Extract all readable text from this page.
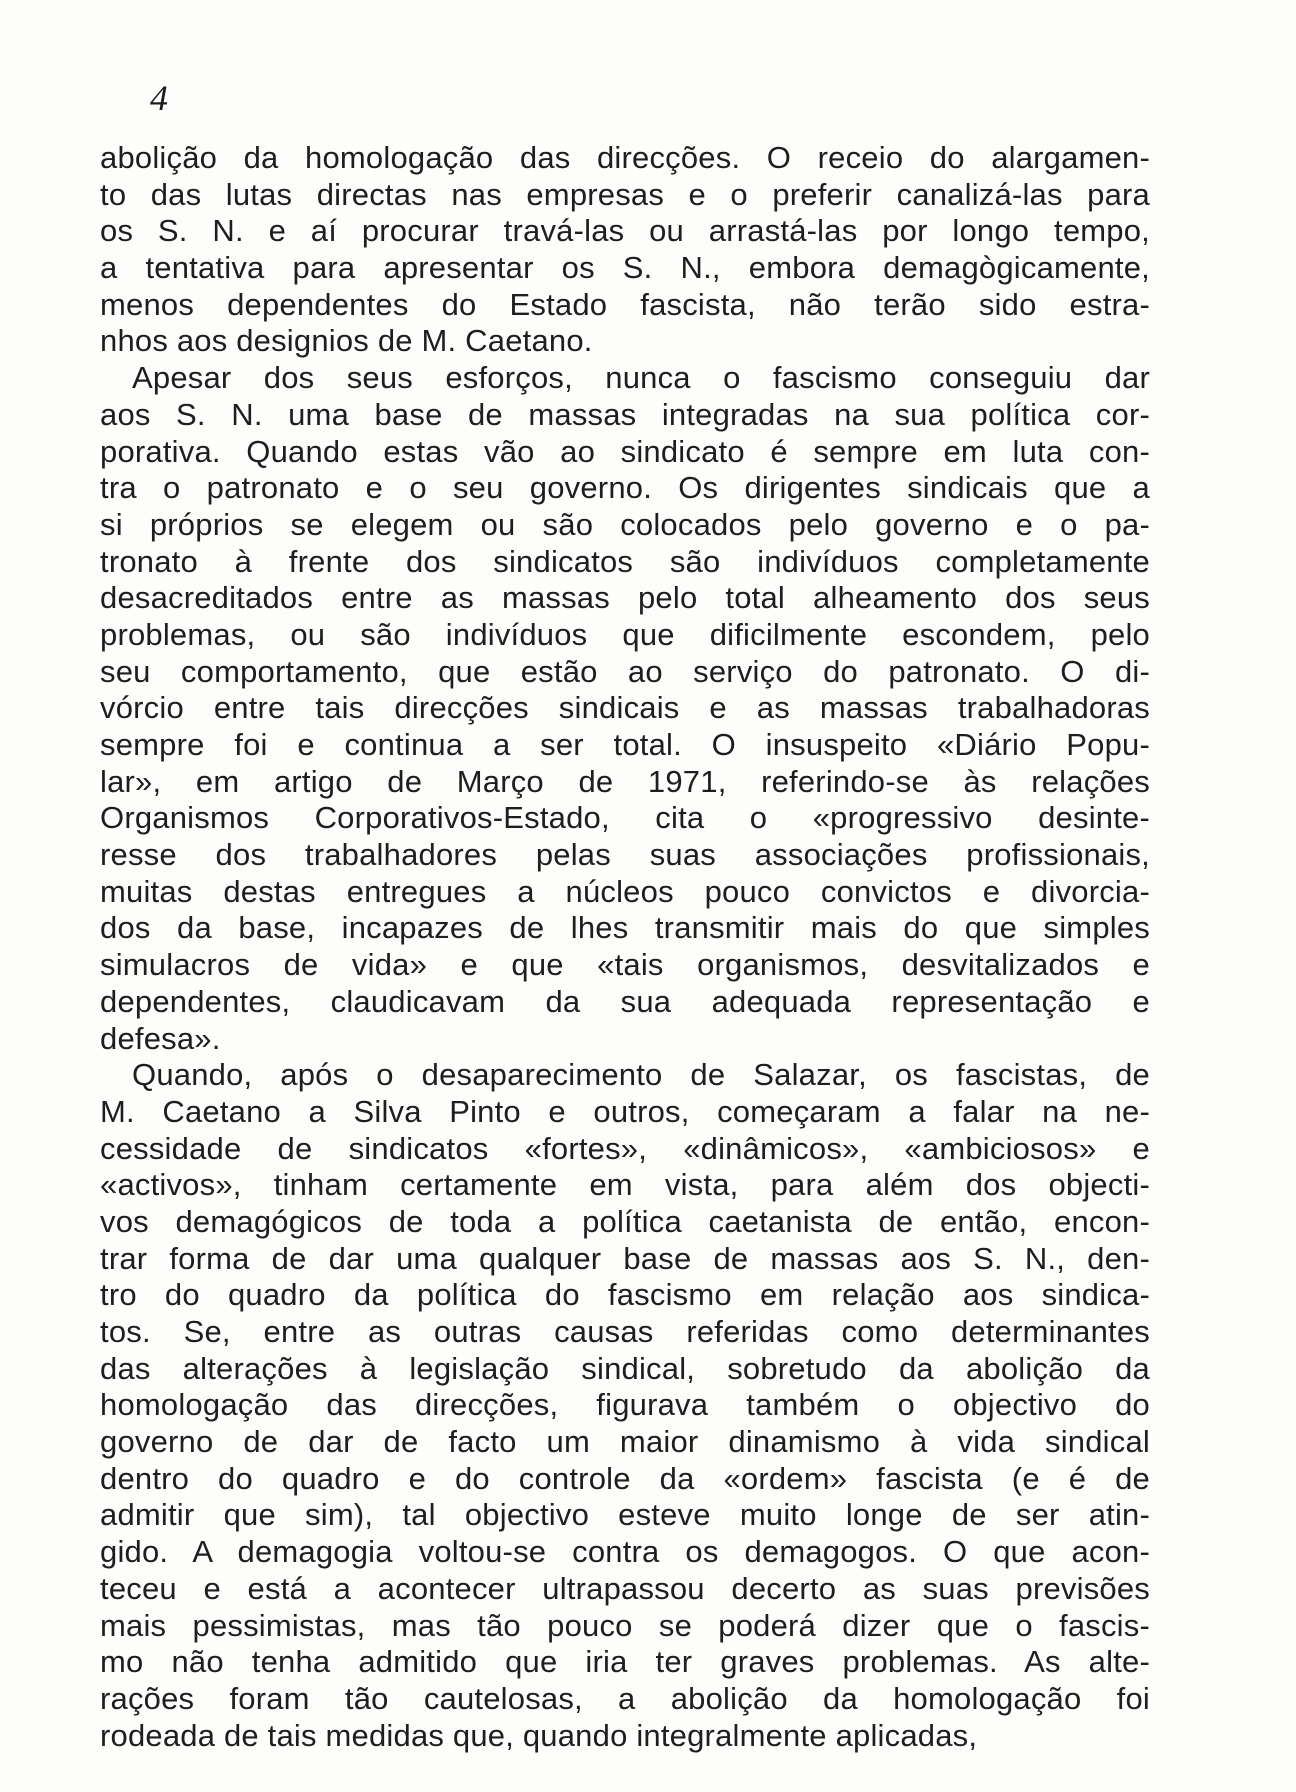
4
abolição da homologação das direcções. O receio do alargamen-
to das lutas directas nas empresas e o preferir canalizá-las para
os S. N. e aí procurar travá-las ou arrastá-las por longo tempo,
a tentativa para apresentar os S. N., embora demagògicamente,
menos dependentes do Estado fascista, não terão sido estra-
nhos aos designios de M. Caetano.
Apesar dos seus esforços, nunca o fascismo conseguiu dar
aos S. N. uma base de massas integradas na sua política cor-
porativa. Quando estas vão ao sindicato é sempre em luta con-
tra o patronato e o seu governo. Os dirigentes sindicais que a
si próprios se elegem ou são colocados pelo governo e o pa-
tronato à frente dos sindicatos são indivíduos completamente
desacreditados entre as massas pelo total alheamento dos seus
problemas, ou são indivíduos que dificilmente escondem, pelo
seu comportamento, que estão ao serviço do patronato. O di-
vórcio entre tais direcções sindicais e as massas trabalhadoras
sempre foi e continua a ser total. O insuspeito «Diário Popu-
lar», em artigo de Março de 1971, referindo-se às relações
Organismos Corporativos-Estado, cita o «progressivo desinte-
resse dos trabalhadores pelas suas associações profissionais,
muitas destas entregues a núcleos pouco convictos e divorcia-
dos da base, incapazes de lhes transmitir mais do que simples
simulacros de vida» e que «tais organismos, desvitalizados e
dependentes, claudicavam da sua adequada representação e
defesa».
Quando, após o desaparecimento de Salazar, os fascistas, de
M. Caetano a Silva Pinto e outros, começaram a falar na ne-
cessidade de sindicatos «fortes», «dinâmicos», «ambiciosos» e
«activos», tinham certamente em vista, para além dos objecti-
vos demagógicos de toda a política caetanista de então, encon-
trar forma de dar uma qualquer base de massas aos S. N., den-
tro do quadro da política do fascismo em relação aos sindica-
tos. Se, entre as outras causas referidas como determinantes
das alterações à legislação sindical, sobretudo da abolição da
homologação das direcções, figurava também o objectivo do
governo de dar de facto um maior dinamismo à vida sindical
dentro do quadro e do controle da «ordem» fascista (e é de
admitir que sim), tal objectivo esteve muito longe de ser atin-
gido. A demagogia voltou-se contra os demagogos. O que acon-
teceu e está a acontecer ultrapassou decerto as suas previsões
mais pessimistas, mas tão pouco se poderá dizer que o fascis-
mo não tenha admitido que iria ter graves problemas. As alte-
rações foram tão cautelosas, a abolição da homologação foi
rodeada de tais medidas que, quando integralmente aplicadas,
